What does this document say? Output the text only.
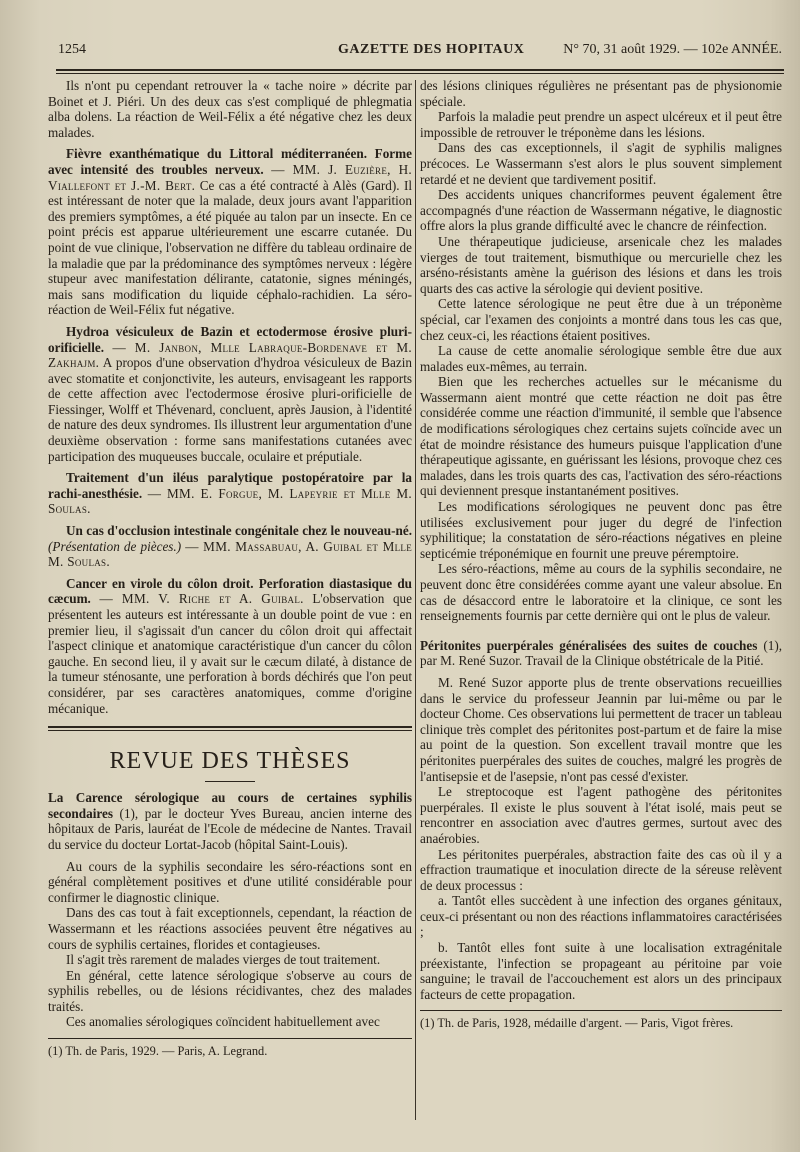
1254	GAZETTE DES HOPITAUX	N° 70, 31 août 1929. — 102e ANNÉE.

Ils n'ont pu cependant retrouver la « tache noire » décrite par Boinet et J. Piéri. Un des deux cas s'est compliqué de phlegmatia alba dolens. La réaction de Weil-Félix a été négative chez les deux malades.

Fièvre exanthématique du Littoral méditerranéen. Forme avec intensité des troubles nerveux. — MM. J. Euzière, H. Viallefont et J.-M. Bert. Ce cas a été contracté à Alès (Gard). Il est intéressant de noter que la malade, deux jours avant l'apparition des premiers symptômes, a été piquée au talon par un insecte. En ce point précis est apparue ultérieurement une escarre cutanée. Du point de vue clinique, l'observation ne diffère du tableau ordinaire de la maladie que par la prédominance des symptômes nerveux : légère stupeur avec manifestation délirante, catatonie, signes méningés, mais sans modification du liquide céphalo-rachidien. La séro-réaction de Weil-Félix fut négative.

Hydroa vésiculeux de Bazin et ectodermose érosive pluri-orificielle. — M. Janbon, Mlle Labraque-Bordenave et M. Zakhajm. A propos d'une observation d'hydroa vésiculeux de Bazin avec stomatite et conjonctivite, les auteurs, envisageant les rapports de cette affection avec l'ectodermose érosive pluri-orificielle de Fiessinger, Wolff et Thévenard, concluent, après Jausion, à l'identité de nature des deux syndromes. Ils illustrent leur argumentation d'une deuxième observation : forme sans manifestations cutanées avec participation des muqueuses buccale, oculaire et préputiale.

Traitement d'un iléus paralytique postopératoire par la rachi-anesthésie. — MM. E. Forgue, M. Lapeyrie et Mlle M. Soulas.

Un cas d'occlusion intestinale congénitale chez le nouveau-né. (Présentation de pièces.) — MM. Massabuau, A. Guibal et Mlle M. Soulas.

Cancer en virole du côlon droit. Perforation diastasique du cæcum. — MM. V. Riche et A. Guibal. L'observation que présentent les auteurs est intéressante à un double point de vue : en premier lieu, il s'agissait d'un cancer du côlon droit qui affectait l'aspect clinique et anatomique caractéristique d'un cancer du côlon gauche. En second lieu, il y avait sur le cæcum dilaté, à distance de la tumeur sténosante, une perforation à bords déchirés que l'on peut considérer, par ses caractères anatomiques, comme d'origine mécanique.

REVUE DES THÈSES

La Carence sérologique au cours de certaines syphilis secondaires (1), par le docteur Yves Bureau, ancien interne des hôpitaux de Paris, lauréat de l'Ecole de médecine de Nantes. Travail du service du docteur Lortat-Jacob (hôpital Saint-Louis).

Au cours de la syphilis secondaire les séro-réactions sont en général complètement positives et d'une utilité considérable pour confirmer le diagnostic clinique.

Dans des cas tout à fait exceptionnels, cependant, la réaction de Wassermann et les réactions associées peuvent être négatives au cours de syphilis certaines, florides et contagieuses.

Il s'agit très rarement de malades vierges de tout traitement.

En général, cette latence sérologique s'observe au cours de syphilis rebelles, ou de lésions récidivantes, chez des malades traités.

Ces anomalies sérologiques coïncident habituellement avec

(1) Th. de Paris, 1929. — Paris, A. Legrand.

des lésions cliniques régulières ne présentant pas de physionomie spéciale.

Parfois la maladie peut prendre un aspect ulcéreux et il peut être impossible de retrouver le tréponème dans les lésions.

Dans des cas exceptionnels, il s'agit de syphilis malignes précoces. Le Wassermann s'est alors le plus souvent simplement retardé et ne devient que tardivement positif.

Des accidents uniques chancriformes peuvent également être accompagnés d'une réaction de Wassermann négative, le diagnostic offre alors la plus grande difficulté avec le chancre de réinfection.

Une thérapeutique judicieuse, arsenicale chez les malades vierges de tout traitement, bismuthique ou mercurielle chez les arséno-résistants amène la guérison des lésions et dans les trois quarts des cas active la sérologie qui devient positive.

Cette latence sérologique ne peut être due à un tréponème spécial, car l'examen des conjoints a montré dans tous les cas que, chez ceux-ci, les réactions étaient positives.

La cause de cette anomalie sérologique semble être due aux malades eux-mêmes, au terrain.

Bien que les recherches actuelles sur le mécanisme du Wassermann aient montré que cette réaction ne doit pas être considérée comme une réaction d'immunité, il semble que l'absence de modifications sérologiques chez certains sujets coïncide avec un état de moindre résistance des humeurs puisque l'application d'une thérapeutique agissante, en guérissant les lésions, provoque chez ces malades, dans les trois quarts des cas, l'activation des séro-réactions qui deviennent presque instantanément positives.

Les modifications sérologiques ne peuvent donc pas être utilisées exclusivement pour juger du degré de l'infection syphilitique; la constatation de séro-réactions négatives en pleine septicémie tréponémique en fournit une preuve péremptoire.

Les séro-réactions, même au cours de la syphilis secondaire, ne peuvent donc être considérées comme ayant une valeur absolue. En cas de désaccord entre le laboratoire et la clinique, ce sont les renseignements fournis par cette dernière qui ont le plus de valeur.

Péritonites puerpérales généralisées des suites de couches (1), par M. René Suzor. Travail de la Clinique obstétricale de la Pitié.

M. René Suzor apporte plus de trente observations recueillies dans le service du professeur Jeannin par lui-même ou par le docteur Chome. Ces observations lui permettent de tracer un tableau clinique très complet des péritonites post-partum et de faire la mise au point de la question. Son excellent travail montre que les péritonites puerpérales des suites de couches, malgré les progrès de l'antisepsie et de l'asepsie, n'ont pas cessé d'exister.

Le streptocoque est l'agent pathogène des péritonites puerpérales. Il existe le plus souvent à l'état isolé, mais peut se rencontrer en association avec d'autres germes, surtout avec des anaérobies.

Les péritonites puerpérales, abstraction faite des cas où il y a effraction traumatique et inoculation directe de la séreuse relèvent de deux processus :

a. Tantôt elles succèdent à une infection des organes génitaux, ceux-ci présentant ou non des réactions inflammatoires caractérisées ;

b. Tantôt elles font suite à une localisation extragénitale préexistante, l'infection se propageant au péritoine par voie sanguine; le travail de l'accouchement est alors un des principaux facteurs de cette propagation.

(1) Th. de Paris, 1928, médaille d'argent. — Paris, Vigot frères.
